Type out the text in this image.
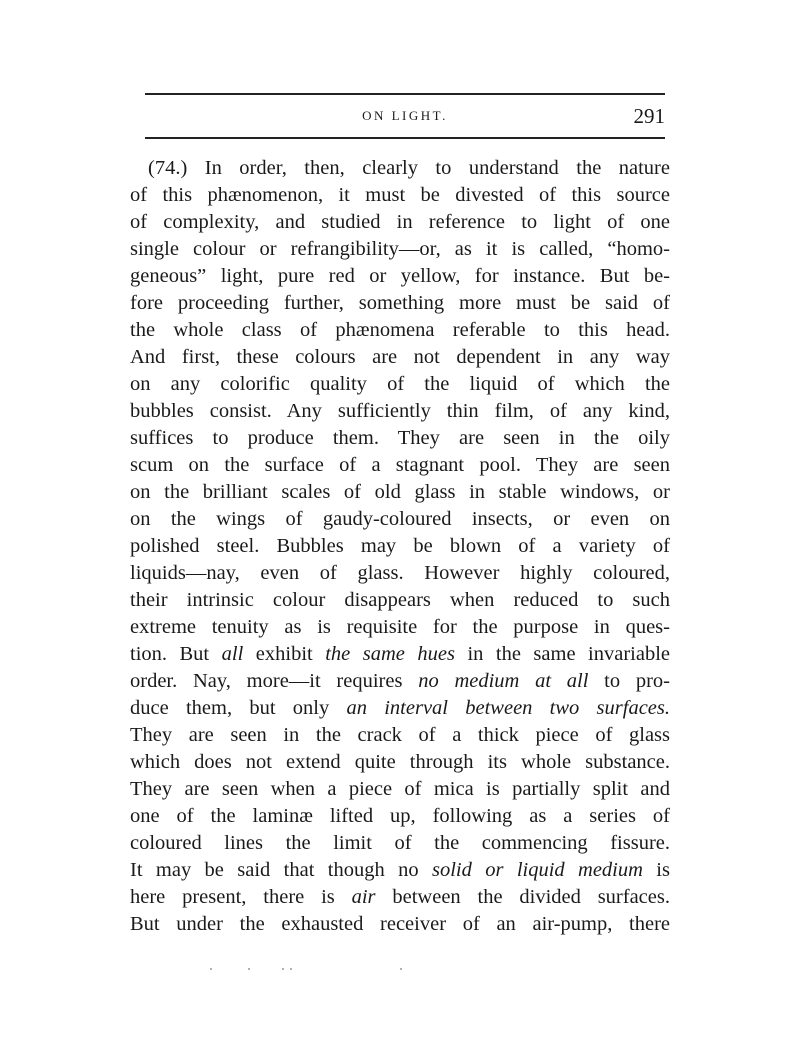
ON LIGHT.	291
(74.) In order, then, clearly to understand the nature
of this phænomenon, it must be divested of this source
of complexity, and studied in reference to light of one
single colour or refrangibility—or, as it is called, “homo-
geneous” light, pure red or yellow, for instance. But be-
fore proceeding further, something more must be said of
the whole class of phænomena referable to this head.
And first, these colours are not dependent in any way
on any colorific quality of the liquid of which the
bubbles consist. Any sufficiently thin film, of any kind,
suffices to produce them. They are seen in the oily
scum on the surface of a stagnant pool. They are seen
on the brilliant scales of old glass in stable windows, or
on the wings of gaudy-coloured insects, or even on
polished steel. Bubbles may be blown of a variety of
liquids—nay, even of glass. However highly coloured,
their intrinsic colour disappears when reduced to such
extreme tenuity as is requisite for the purpose in ques-
tion. But all exhibit the same hues in the same invariable
order. Nay, more—it requires no medium at all to pro-
duce them, but only an interval between two surfaces.
They are seen in the crack of a thick piece of glass
which does not extend quite through its whole substance.
They are seen when a piece of mica is partially split and
one of the laminæ lifted up, following as a series of
coloured lines the limit of the commencing fissure.
It may be said that though no solid or liquid medium is
here present, there is air between the divided surfaces.
But under the exhausted receiver of an air-pump, there
